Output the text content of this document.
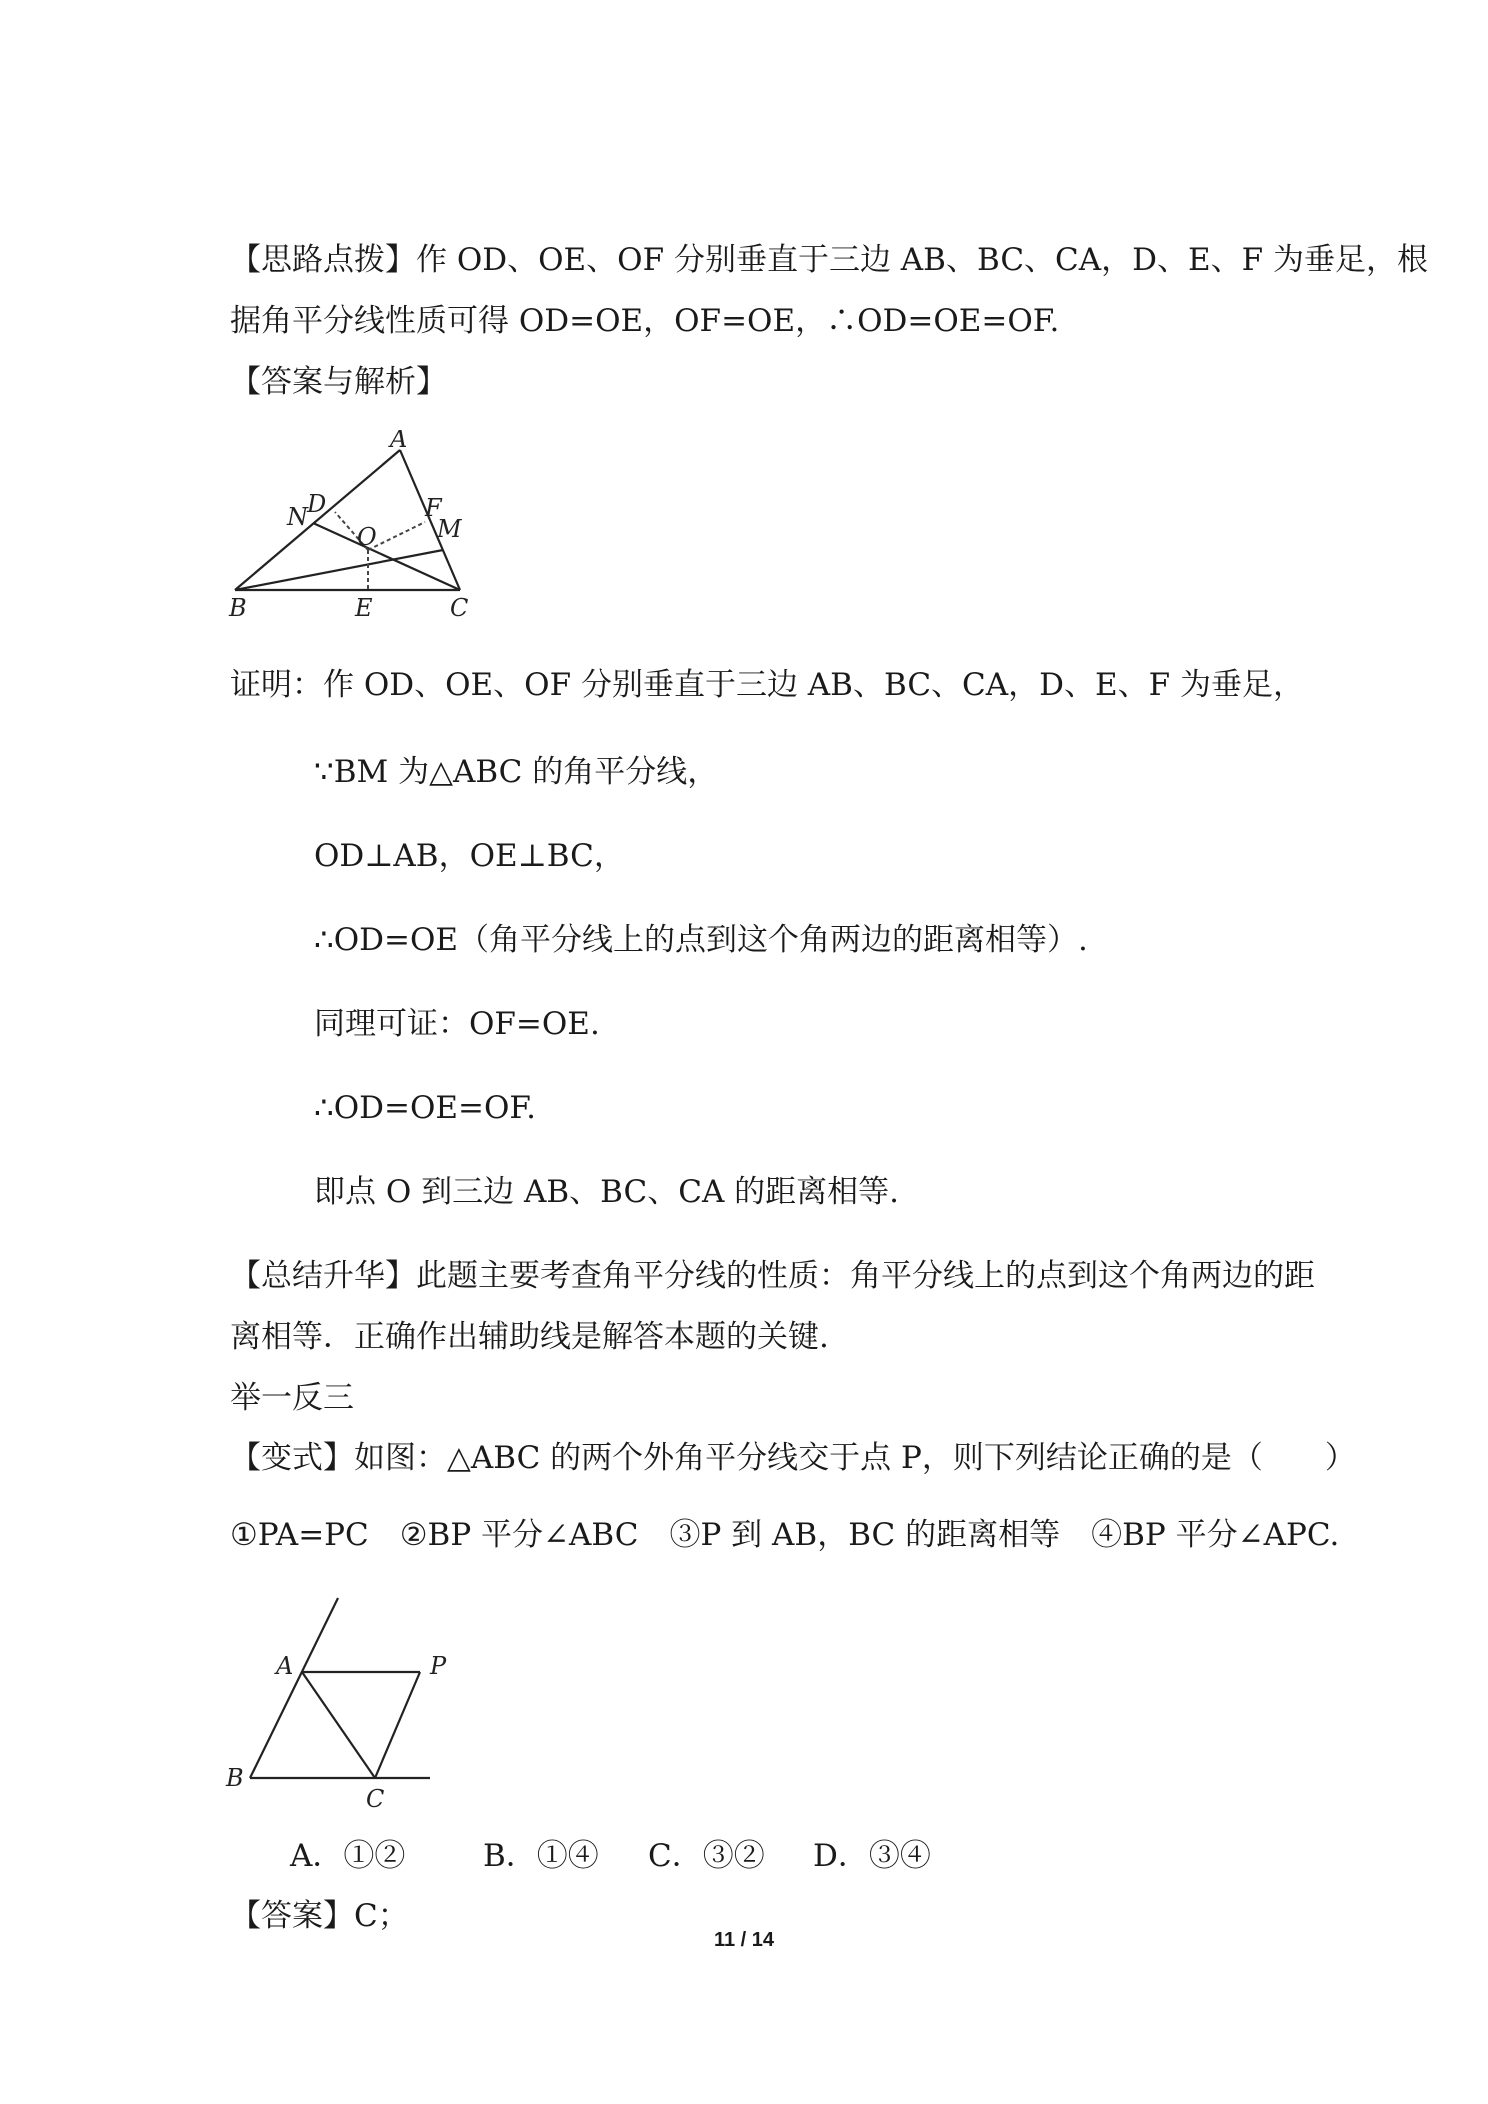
【思路点拨】作 OD、OE、OF 分别垂直于三边 AB、BC、CA，D、E、F 为垂足，根
据角平分线性质可得 OD=OE，OF=OE，∴OD=OE=OF.
【答案与解析】
A
B	E	C
N D
O
F
M
证明：作 OD、OE、OF 分别垂直于三边 AB、BC、CA，D、E、F 为垂足，
∵BM 为△ABC 的角平分线，
OD⊥AB，OE⊥BC，
∴OD=OE（角平分线上的点到这个角两边的距离相等）.
同理可证：OF=OE.
∴OD=OE=OF.
即点 O 到三边 AB、BC、CA 的距离相等.
【总结升华】此题主要考查角平分线的性质：角平分线上的点到这个角两边的距
离相等．正确作出辅助线是解答本题的关键.
举一反三
【变式】如图：△ABC 的两个外角平分线交于点 P，则下列结论正确的是（　　）
①PA=PC　②BP 平分∠ABC　③P 到 AB，BC 的距离相等　④BP 平分∠APC.
A	P
B
C
A．①②	B．①④ C．③② D．③④
【答案】C；
11 / 14
